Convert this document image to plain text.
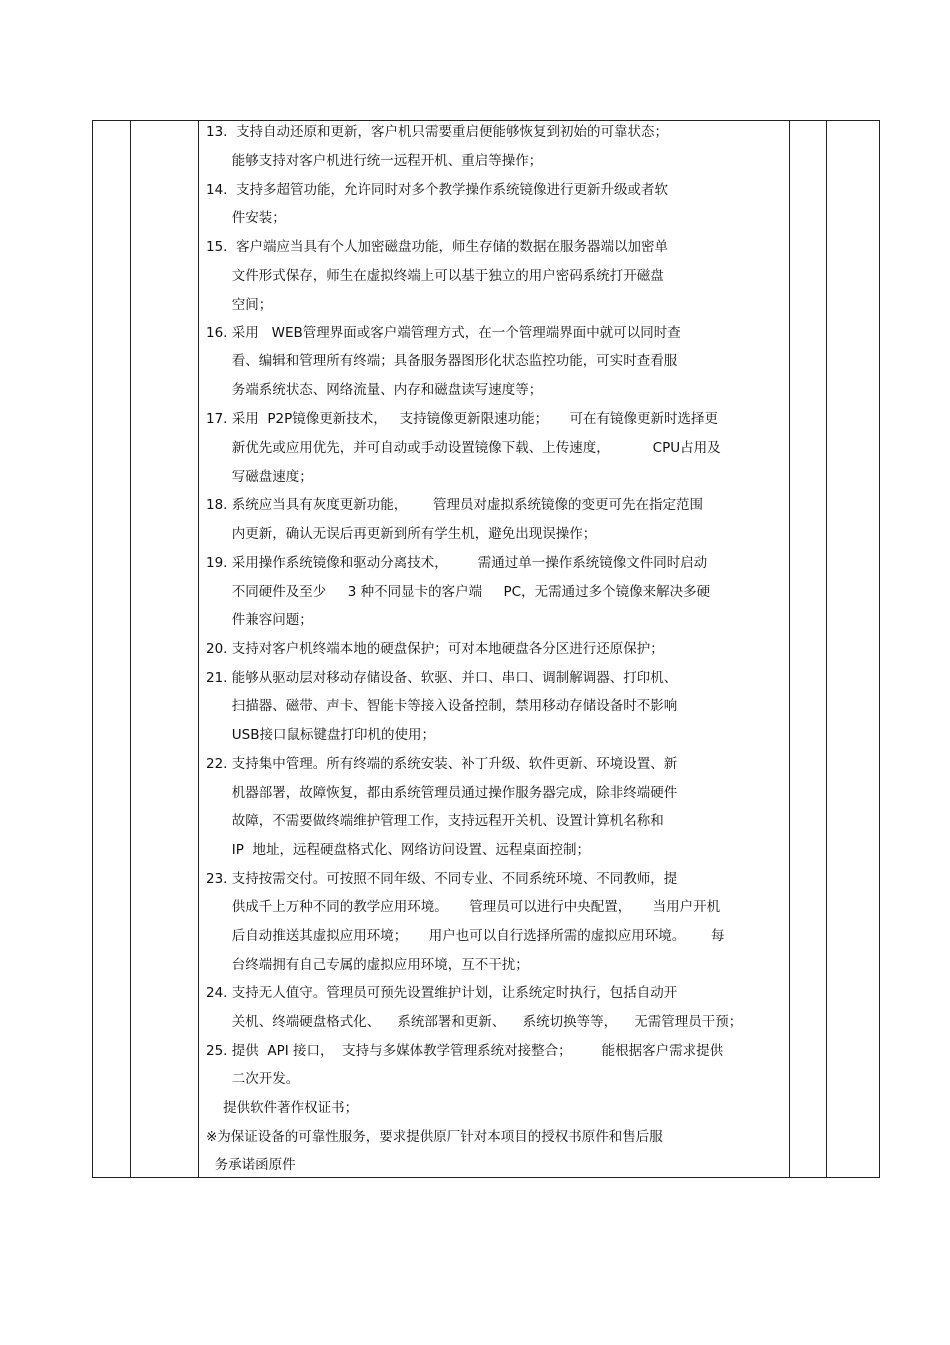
13.  支持自动还原和更新，客户机只需要重启便能够恢复到初始的可靠状态；
能够支持对客户机进行统一远程开机、重启等操作；
14.  支持多超管功能，允许同时对多个教学操作系统镜像进行更新升级或者软
件安装；
15.  客户端应当具有个人加密磁盘功能，师生存储的数据在服务器端以加密单
文件形式保存，师生在虚拟终端上可以基于独立的用户密码系统打开磁盘
空间；
16. 采用   WEB管理界面或客户端管理方式，在一个管理端界面中就可以同时查
看、编辑和管理所有终端；具备服务器图形化状态监控功能，可实时查看服
务端系统状态、网络流量、内存和磁盘读写速度等；
17. 采用  P2P镜像更新技术，   支持镜像更新限速功能；     可在有镜像更新时选择更
新优先或应用优先，并可自动或手动设置镜像下载、上传速度，          CPU占用及
写磁盘速度；
18. 系统应当具有灰度更新功能，      管理员对虚拟系统镜像的变更可先在指定范围
内更新，确认无误后再更新到所有学生机，避免出现误操作；
19. 采用操作系统镜像和驱动分离技术，       需通过单一操作系统镜像文件同时启动
不同硬件及至少     3 种不同显卡的客户端     PC，无需通过多个镜像来解决多硬
件兼容问题；
20. 支持对客户机终端本地的硬盘保护；可对本地硬盘各分区进行还原保护；
21. 能够从驱动层对移动存储设备、软驱、并口、串口、调制解调器、打印机、
扫描器、磁带、声卡、智能卡等接入设备控制，禁用移动存储设备时不影响
USB接口鼠标键盘打印机的使用；
22. 支持集中管理。所有终端的系统安装、补丁升级、软件更新、环境设置、新
机器部署，故障恢复，都由系统管理员通过操作服务器完成，除非终端硬件
故障，不需要做终端维护管理工作，支持远程开关机、设置计算机名称和
IP  地址，远程硬盘格式化、网络访问设置、远程桌面控制；
23. 支持按需交付。可按照不同年级、不同专业、不同系统环境、不同教师，提
供成千上万种不同的教学应用环境。     管理员可以进行中央配置，     当用户开机
后自动推送其虚拟应用环境；     用户也可以自行选择所需的虚拟应用环境。      每
台终端拥有自己专属的虚拟应用环境，互不干扰；
24. 支持无人值守。管理员可预先设置维护计划，让系统定时执行，包括自动开
关机、终端硬盘格式化、    系统部署和更新、    系统切换等等，    无需管理员干预；
25. 提供  API 接口，  支持与多媒体教学管理系统对接整合；       能根据客户需求提供
二次开发。
提供软件著作权证书；
※为保证设备的可靠性服务，要求提供原厂针对本项目的授权书原件和售后服
务承诺函原件
